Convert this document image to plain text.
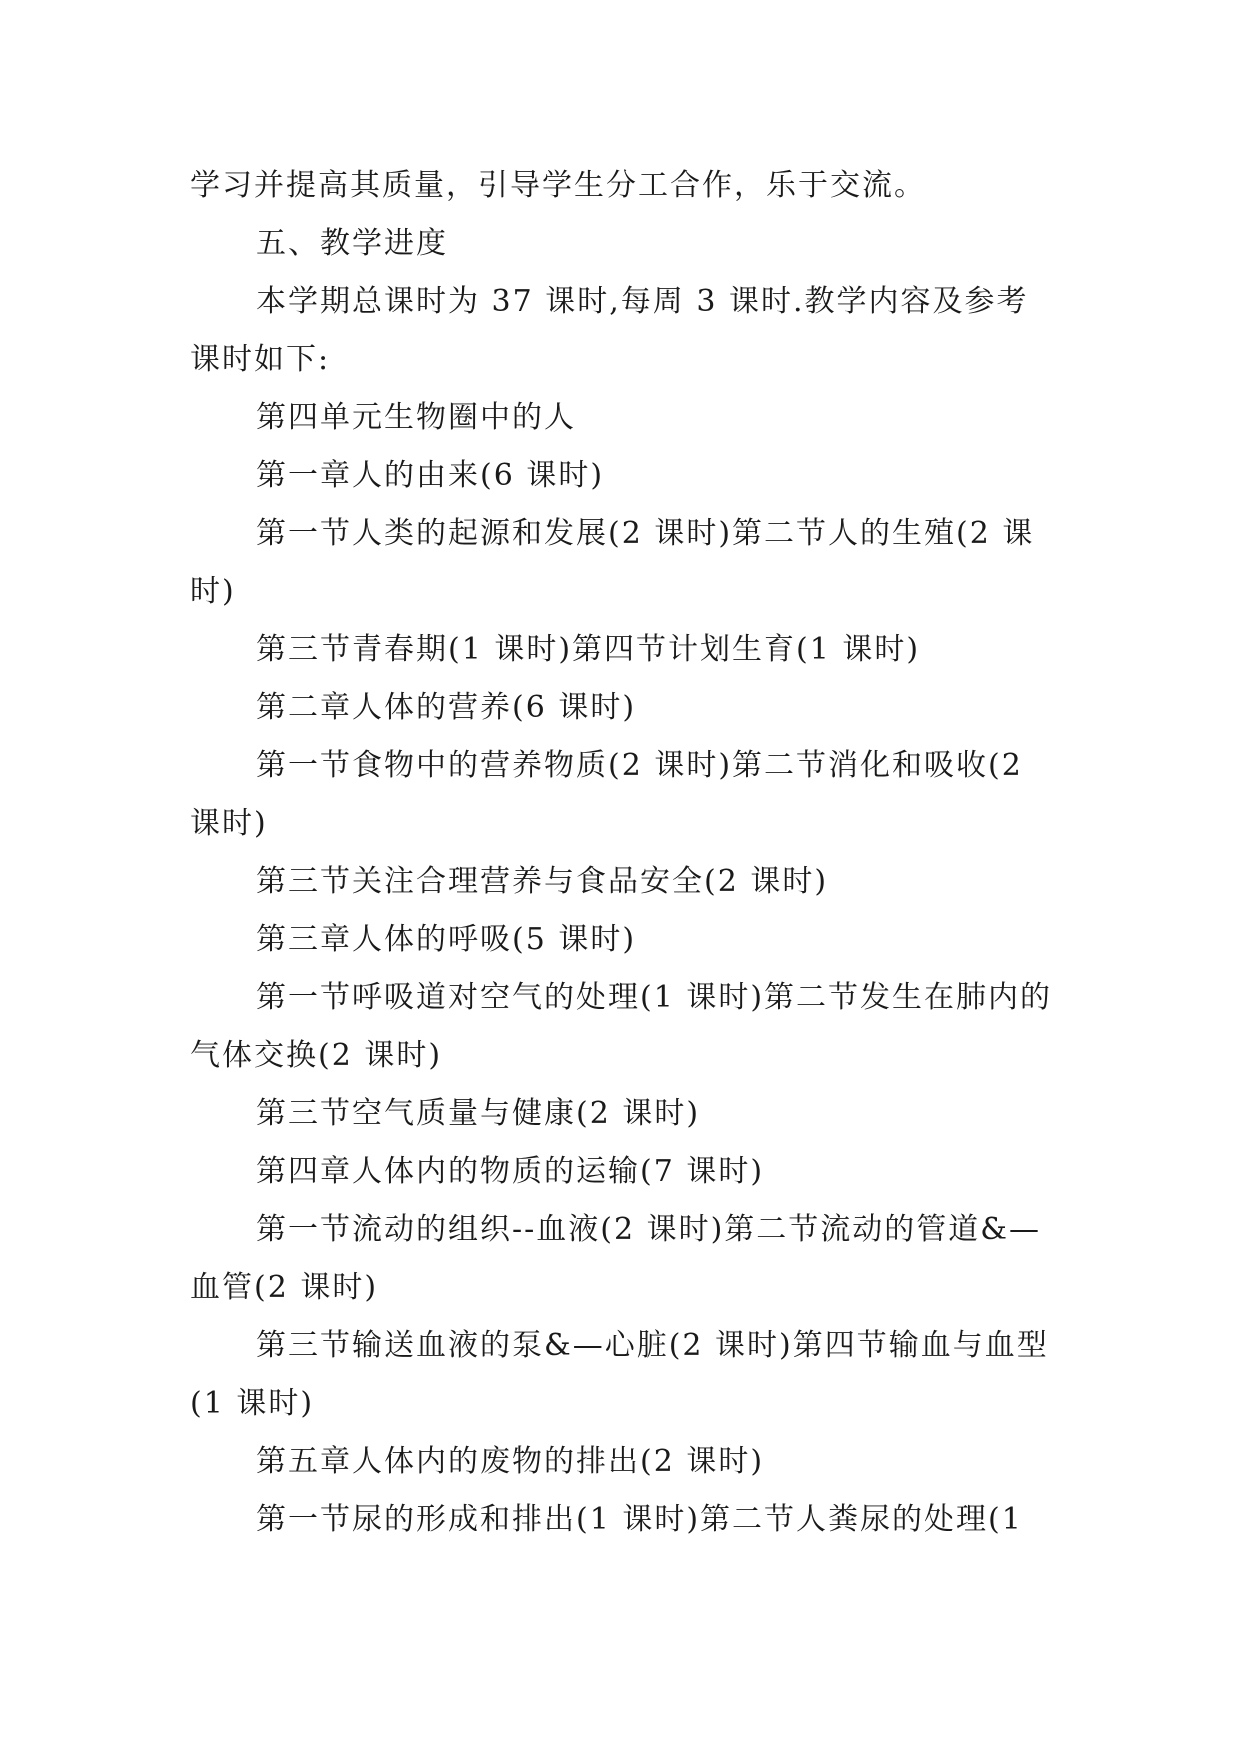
学习并提高其质量，引导学生分工合作，乐于交流。

五、教学进度

本学期总课时为 37 课时,每周 3 课时.教学内容及参考课时如下:

第四单元生物圈中的人

第一章人的由来(6 课时)

第一节人类的起源和发展(2 课时)第二节人的生殖(2 课时)

第三节青春期(1 课时)第四节计划生育(1 课时)

第二章人体的营养(6 课时)

第一节食物中的营养物质(2 课时)第二节消化和吸收(2 课时)

第三节关注合理营养与食品安全(2 课时)

第三章人体的呼吸(5 课时)

第一节呼吸道对空气的处理(1 课时)第二节发生在肺内的气体交换(2 课时)

第三节空气质量与健康(2 课时)

第四章人体内的物质的运输(7 课时)

第一节流动的组织--血液(2 课时)第二节流动的管道&—血管(2 课时)

第三节输送血液的泵&—心脏(2 课时)第四节输血与血型(1 课时)

第五章人体内的废物的排出(2 课时)

第一节尿的形成和排出(1 课时)第二节人粪尿的处理(1
